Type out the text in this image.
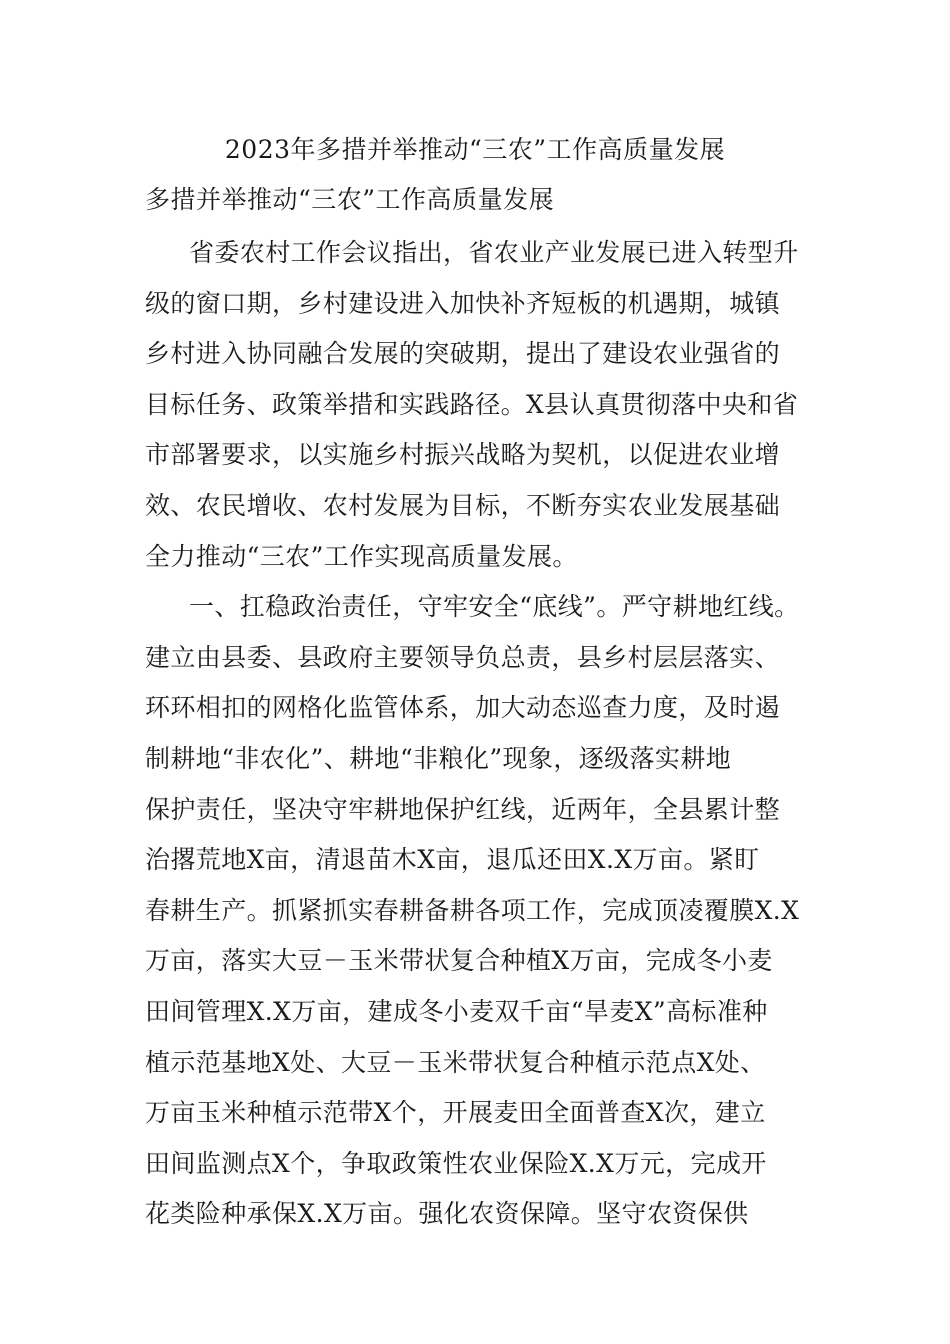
2023年多措并举推动“三农”工作高质量发展
多措并举推动“三农”工作高质量发展
省委农村工作会议指出，省农业产业发展已进入转型升
级的窗口期，乡村建设进入加快补齐短板的机遇期，城镇
乡村进入协同融合发展的突破期，提出了建设农业强省的
目标任务、政策举措和实践路径。X县认真贯彻落中央和省
市部署要求，以实施乡村振兴战略为契机，以促进农业增
效、农民增收、农村发展为目标，不断夯实农业发展基础
全力推动“三农”工作实现高质量发展。
一、扛稳政治责任，守牢安全“底线”。严守耕地红线。
建立由县委、县政府主要领导负总责，县乡村层层落实、
环环相扣的网格化监管体系，加大动态巡查力度，及时遏
制耕地“非农化”、耕地“非粮化”现象，逐级落实耕地
保护责任，坚决守牢耕地保护红线，近两年，全县累计整
治撂荒地X亩，清退苗木X亩，退瓜还田X.X万亩。紧盯
春耕生产。抓紧抓实春耕备耕各项工作，完成顶凌覆膜X.X
万亩，落实大豆－玉米带状复合种植X万亩，完成冬小麦
田间管理X.X万亩，建成冬小麦双千亩“旱麦X”高标准种
植示范基地X处、大豆－玉米带状复合种植示范点X处、
万亩玉米种植示范带X个，开展麦田全面普查X次，建立
田间监测点X个，争取政策性农业保险X.X万元，完成开
花类险种承保X.X万亩。强化农资保障。坚守农资保供
